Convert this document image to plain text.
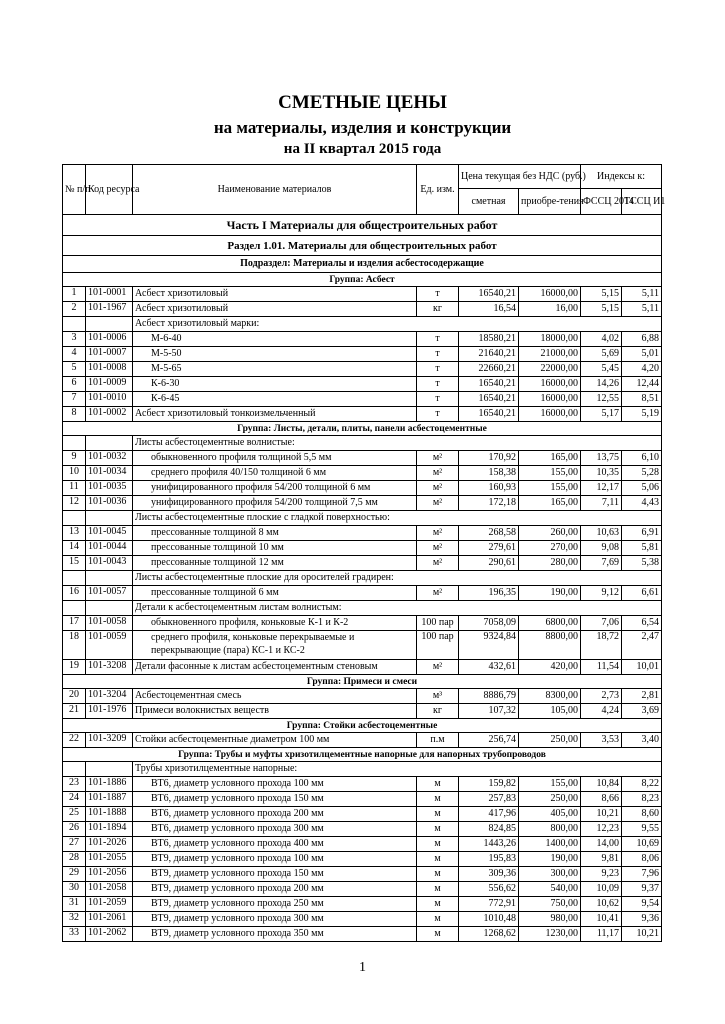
СМЕТНЫЕ ЦЕНЫ
на материалы, изделия и конструкции
на II квартал 2015 года
№ п/п	Код ресурса	Наименование материалов	Ед. изм.	Цена текущая без НДС (руб.)		Индексы к:	
				сметная	приобре-тения	ФССЦ 2014	ТССЦ И1
Часть I Материалы для общестроительных работ							
Раздел 1.01. Материалы для общестроительных работ							
Подраздел: Материалы и изделия асбестосодержащие							
Группа: Асбест							
1	101-0001	Асбест хризотиловый	т	16540,21	16000,00	5,15	5,11
2	101-1967	Асбест хризотиловый	кг	16,54	16,00	5,15	5,11
		Асбест хризотиловый марки:					
3	101-0006	М-6-40	т	18580,21	18000,00	4,02	6,88
4	101-0007	М-5-50	т	21640,21	21000,00	5,69	5,01
5	101-0008	М-5-65	т	22660,21	22000,00	5,45	4,20
6	101-0009	К-6-30	т	16540,21	16000,00	14,26	12,44
7	101-0010	К-6-45	т	16540,21	16000,00	12,55	8,51
8	101-0002	Асбест хризотиловый тонкоизмельченный	т	16540,21	16000,00	5,17	5,19
Группа: Листы, детали, плиты, панели асбестоцементные							
		Листы асбестоцементные волнистые:					
9	101-0032	обыкновенного профиля толщиной 5,5 мм	м²	170,92	165,00	13,75	6,10
10	101-0034	среднего профиля 40/150 толщиной 6 мм	м²	158,38	155,00	10,35	5,28
11	101-0035	унифицированного профиля 54/200 толщиной 6 мм	м²	160,93	155,00	12,17	5,06
12	101-0036	унифицированного профиля 54/200 толщиной 7,5 мм	м²	172,18	165,00	7,11	4,43
		Листы асбестоцементные плоские с гладкой поверхностью:					
13	101-0045	прессованные толщиной 8 мм	м²	268,58	260,00	10,63	6,91
14	101-0044	прессованные толщиной 10 мм	м²	279,61	270,00	9,08	5,81
15	101-0043	прессованные толщиной 12 мм	м²	290,61	280,00	7,69	5,38
		Листы асбестоцементные плоские для оросителей градирен:					
16	101-0057	прессованные толщиной 6 мм	м²	196,35	190,00	9,12	6,61
		Детали к асбестоцементным листам волнистым:					
17	101-0058	обыкновенного профиля, коньковые К-1 и К-2	100 пар	7058,09	6800,00	7,06	6,54
18	101-0059	среднего профиля, коньковые перекрываемые и перекрывающие (пара) КС-1 и КС-2	100 пар	9324,84	8800,00	18,72	2,47
19	101-3208	Детали фасонные к листам асбестоцементным стеновым	м²	432,61	420,00	11,54	10,01
Группа: Примеси и смеси							
20	101-3204	Асбестоцементная смесь	м³	8886,79	8300,00	2,73	2,81
21	101-1976	Примеси волокнистых веществ	кг	107,32	105,00	4,24	3,69
Группа: Стойки асбестоцементные							
22	101-3209	Стойки асбестоцементные диаметром 100 мм	п.м	256,74	250,00	3,53	3,40
Группа: Трубы и муфты хризотилцементные напорные для напорных трубопроводов							
		Трубы хризотилцементные напорные:					
23	101-1886	ВТ6, диаметр условного прохода 100 мм	м	159,82	155,00	10,84	8,22
24	101-1887	ВТ6, диаметр условного прохода 150 мм	м	257,83	250,00	8,66	8,23
25	101-1888	ВТ6, диаметр условного прохода 200 мм	м	417,96	405,00	10,21	8,60
26	101-1894	ВТ6, диаметр условного прохода 300 мм	м	824,85	800,00	12,23	9,55
27	101-2026	ВТ6, диаметр условного прохода 400 мм	м	1443,26	1400,00	14,00	10,69
28	101-2055	ВТ9, диаметр условного прохода 100 мм	м	195,83	190,00	9,81	8,06
29	101-2056	ВТ9, диаметр условного прохода 150 мм	м	309,36	300,00	9,23	7,96
30	101-2058	ВТ9, диаметр условного прохода 200 мм	м	556,62	540,00	10,09	9,37
31	101-2059	ВТ9, диаметр условного прохода 250 мм	м	772,91	750,00	10,62	9,54
32	101-2061	ВТ9, диаметр условного прохода 300 мм	м	1010,48	980,00	10,41	9,36
33	101-2062	ВТ9, диаметр условного прохода 350 мм	м	1268,62	1230,00	11,17	10,21
1
